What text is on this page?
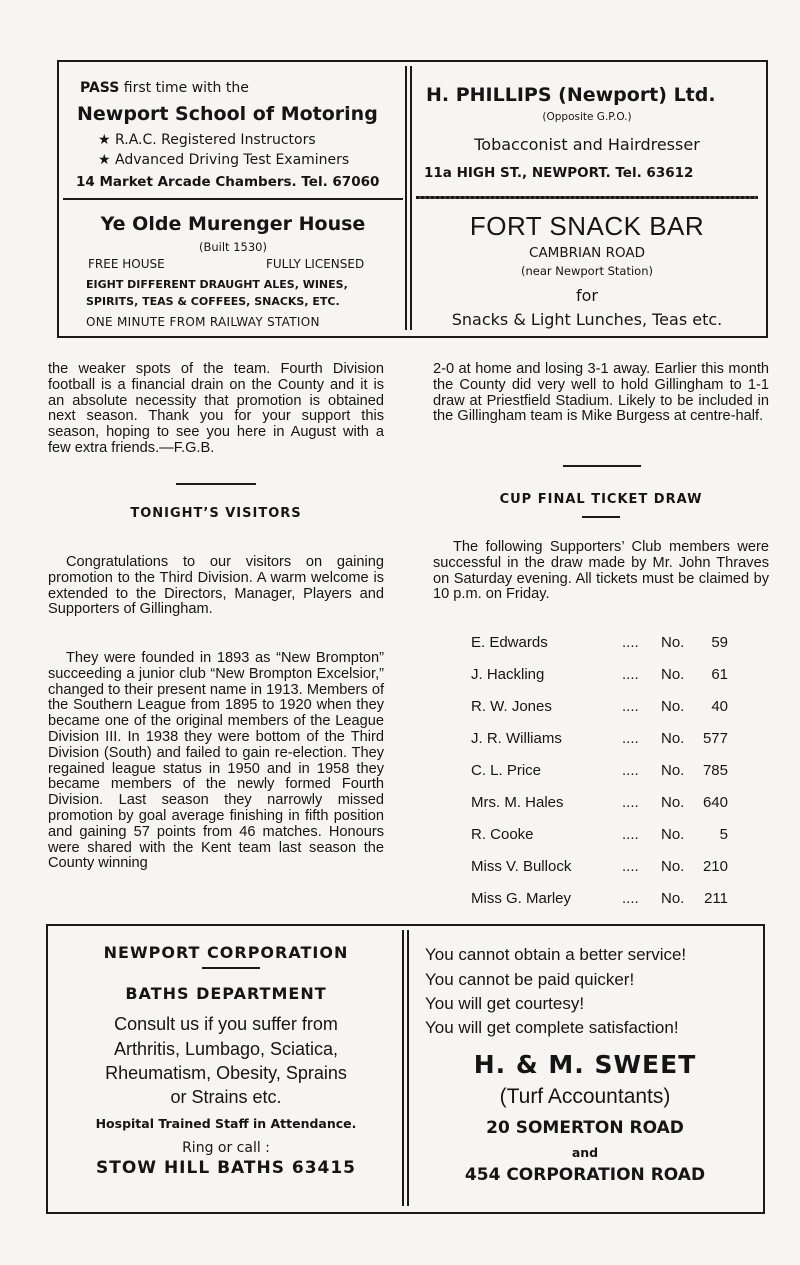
PASS first time with the
Newport School of Motoring
★ R.A.C. Registered Instructors
★ Advanced Driving Test Examiners
14 Market Arcade Chambers. Tel. 67060
Ye Olde Murenger House
(Built 1530)
FREE HOUSE	FULLY LICENSED
EIGHT DIFFERENT DRAUGHT ALES, WINES,
SPIRITS, TEAS & COFFEES, SNACKS, ETC.
ONE MINUTE FROM RAILWAY STATION
H. PHILLIPS (Newport) Ltd.
(Opposite G.P.O.)
Tobacconist and Hairdresser
11a HIGH ST., NEWPORT. Tel. 63612
FORT SNACK BAR
CAMBRIAN ROAD
(near Newport Station)
for
Snacks & Light Lunches, Teas etc.

the weaker spots of the team. Fourth Division football is a financial drain on the County and it is an absolute necessity that promotion is obtained next season. Thank you for your support this season, hoping to see you here in August with a few extra friends.—F.G.B.

TONIGHT’S VISITORS

Congratulations to our visitors on gaining promotion to the Third Division. A warm welcome is extended to the Directors, Manager, Players and Supporters of Gillingham.

They were founded in 1893 as “New Brompton” succeeding a junior club “New Brompton Excelsior,” changed to their present name in 1913. Members of the Southern League from 1895 to 1920 when they became one of the original members of the League Division III. In 1938 they were bottom of the Third Division (South) and failed to gain re-election. They regained league status in 1950 and in 1958 they became members of the newly formed Fourth Division. Last season they narrowly missed promotion by goal average finishing in fifth position and gaining 57 points from 46 matches. Honours were shared with the Kent team last season the County winning

2-0 at home and losing 3-1 away. Earlier this month the County did very well to hold Gillingham to 1-1 draw at Priestfield Stadium. Likely to be included in the Gillingham team is Mike Burgess at centre-half.

CUP FINAL TICKET DRAW

The following Supporters’ Club members were successful in the draw made by Mr. John Thraves on Saturday evening. All tickets must be claimed by 10 p.m. on Friday.

E. Edwards	.... No.	59
J. Hackling	.... No.	61
R. W. Jones	.... No.	40
J. R. Williams	.... No.	577
C. L. Price	.... No.	785
Mrs. M. Hales	.... No.	640
R. Cooke	.... No.	5
Miss V. Bullock	.... No.	210
Miss G. Marley	.... No.	211
NEWPORT CORPORATION
BATHS DEPARTMENT
Consult us if you suffer from
Arthritis, Lumbago, Sciatica,
Rheumatism, Obesity, Sprains
or Strains etc.
Hospital Trained Staff in Attendance.
Ring or call :
STOW HILL BATHS 63415
You cannot obtain a better service!
You cannot be paid quicker!
You will get courtesy!
You will get complete satisfaction!
H. & M. SWEET
(Turf Accountants)
20 SOMERTON ROAD
and
454 CORPORATION ROAD
